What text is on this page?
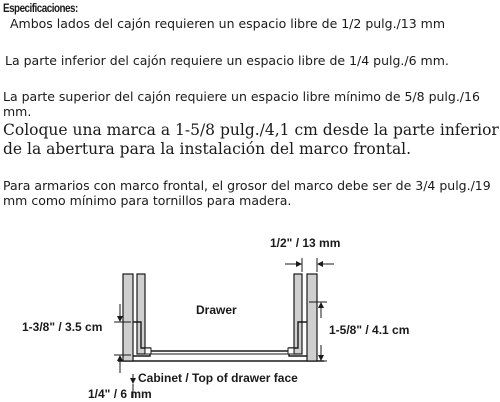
Especificaciones:
Ambos lados del cajón requieren un espacio libre de 1/2 pulg./13 mm
La parte inferior del cajón requiere un espacio libre de 1/4 pulg./6 mm.
La parte superior del cajón requiere un espacio libre mínimo de 5/8 pulg./16 mm.
Coloque una marca a 1-5/8 pulg./4,1 cm desde la parte inferior de la abertura para la instalación del marco frontal.
Para armarios con marco frontal, el grosor del marco debe ser de 3/4 pulg./19 mm como mínimo para tornillos para madera.
1/2" / 13 mm
Drawer
1-3/8" / 3.5 cm	1-5/8" / 4.1 cm
Cabinet / Top of drawer face
1/4" / 6 mm
